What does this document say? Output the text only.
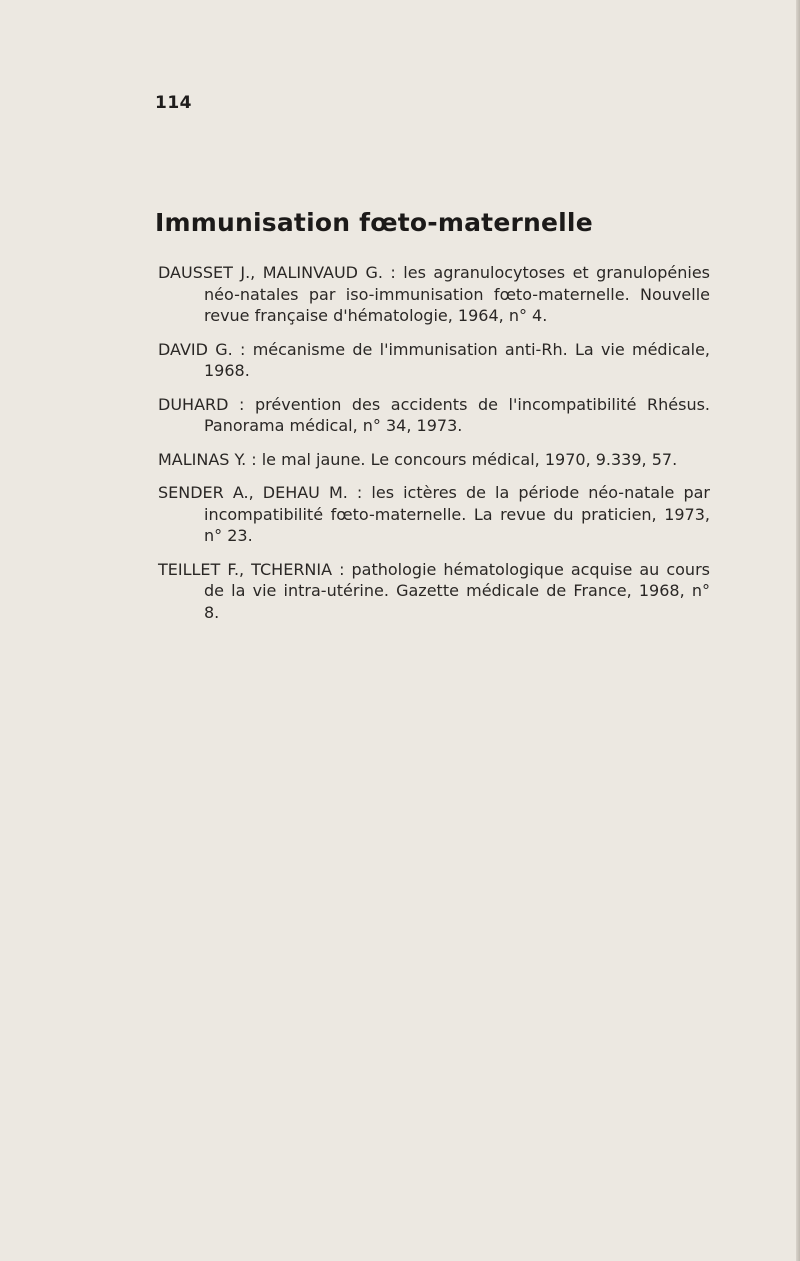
114
Immunisation fœto-maternelle
DAUSSET J., MALINVAUD G. : les agranulocytoses et granulopénies néo-natales par iso-immunisation fœto-maternelle. Nouvelle revue française d'hématologie, 1964, n° 4.
DAVID G. : mécanisme de l'immunisation anti-Rh. La vie médicale, 1968.
DUHARD : prévention des accidents de l'incompatibilité Rhésus. Panorama médical, n° 34, 1973.
MALINAS Y. : le mal jaune. Le concours médical, 1970, 9.339, 57.
SENDER A., DEHAU M. : les ictères de la période néo-natale par incompatibilité fœto-maternelle. La revue du praticien, 1973, n° 23.
TEILLET F., TCHERNIA : pathologie hématologique acquise au cours de la vie intra-utérine. Gazette médicale de France, 1968, n° 8.
